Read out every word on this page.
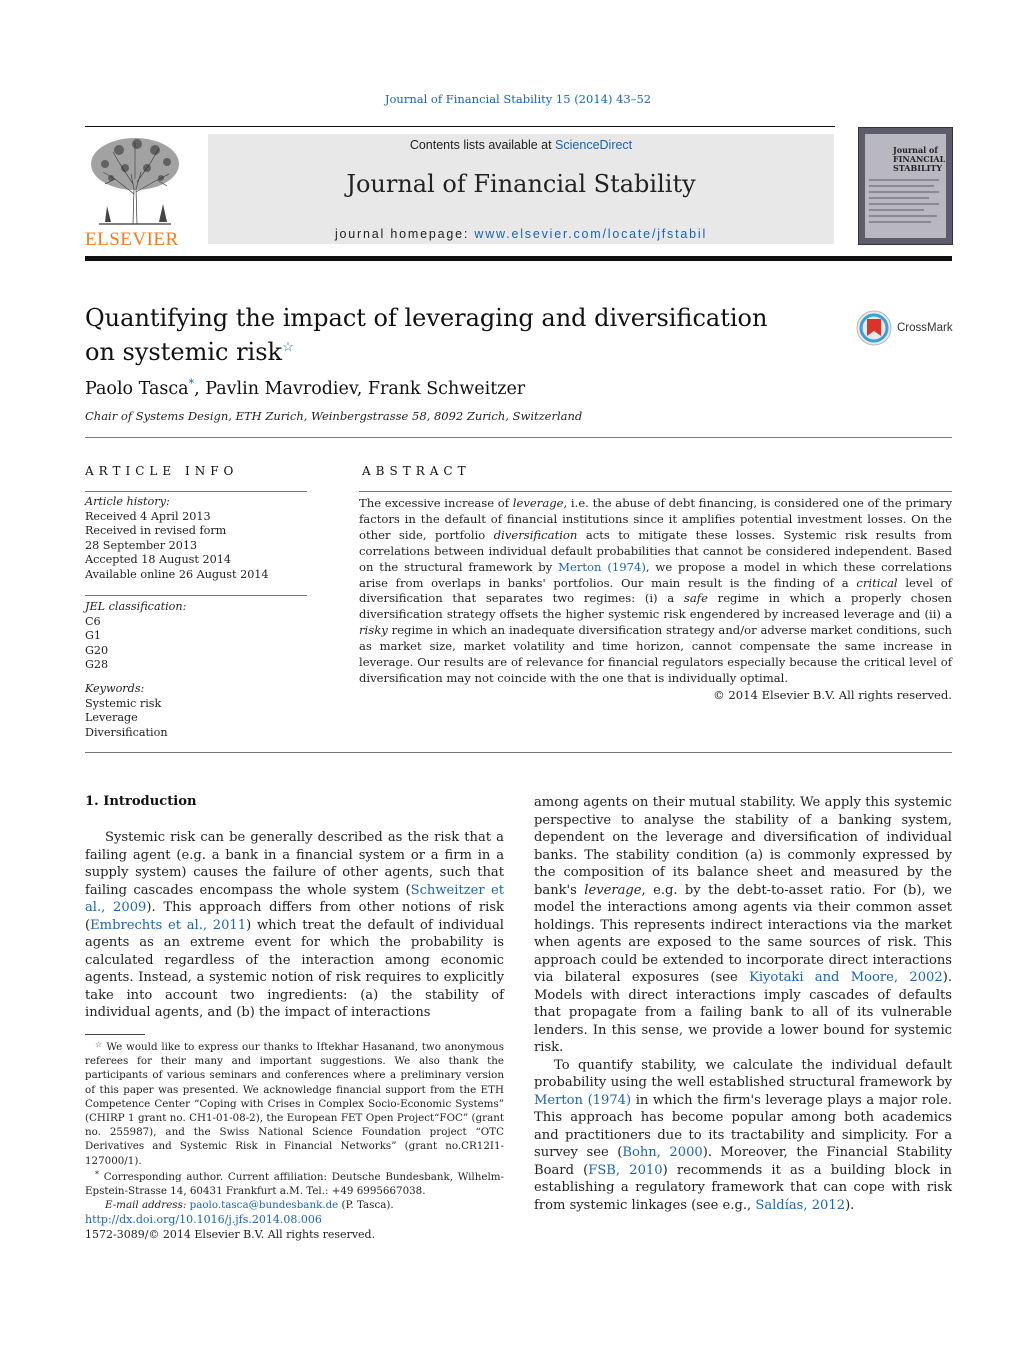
Journal of Financial Stability 15 (2014) 43–52
ELSEVIER
Contents lists available at ScienceDirect
Journal of Financial Stability
journal homepage: www.elsevier.com/locate/jfstabil
Journal of FINANCIAL STABILITY
Quantifying the impact of leveraging and diversification on systemic risk☆
CrossMark
Paolo Tasca*, Pavlin Mavrodiev, Frank Schweitzer
Chair of Systems Design, ETH Zurich, Weinbergstrasse 58, 8092 Zurich, Switzerland
ARTICLE INFO	ABSTRACT
Article history:
Received 4 April 2013
Received in revised form
28 September 2013
Accepted 18 August 2014
Available online 26 August 2014
JEL classification:
C6
G1
G20
G28
Keywords:
Systemic risk
Leverage
Diversification

The excessive increase of leverage, i.e. the abuse of debt financing, is considered one of the primary factors in the default of financial institutions since it amplifies potential investment losses. On the other side, portfolio diversification acts to mitigate these losses. Systemic risk results from correlations between individual default probabilities that cannot be considered independent. Based on the structural framework by Merton (1974), we propose a model in which these correlations arise from overlaps in banks' portfolios. Our main result is the finding of a critical level of diversification that separates two regimes: (i) a safe regime in which a properly chosen diversification strategy offsets the higher systemic risk engendered by increased leverage and (ii) a risky regime in which an inadequate diversification strategy and/or adverse market conditions, such as market size, market volatility and time horizon, cannot compensate the same increase in leverage. Our results are of relevance for financial regulators especially because the critical level of diversification may not coincide with the one that is individually optimal.

© 2014 Elsevier B.V. All rights reserved.

1. Introduction

Systemic risk can be generally described as the risk that a failing agent (e.g. a bank in a financial system or a firm in a supply system) causes the failure of other agents, such that failing cascades encompass the whole system (Schweitzer et al., 2009). This approach differs from other notions of risk (Embrechts et al., 2011) which treat the default of individual agents as an extreme event for which the probability is calculated regardless of the interaction among economic agents. Instead, a systemic notion of risk requires to explicitly take into account two ingredients: (a) the stability of individual agents, and (b) the impact of interactions

among agents on their mutual stability. We apply this systemic perspective to analyse the stability of a banking system, dependent on the leverage and diversification of individual banks. The stability condition (a) is commonly expressed by the composition of its balance sheet and measured by the bank's leverage, e.g. by the debt-to-asset ratio. For (b), we model the interactions among agents via their common asset holdings. This represents indirect interactions via the market when agents are exposed to the same sources of risk. This approach could be extended to incorporate direct interactions via bilateral exposures (see Kiyotaki and Moore, 2002). Models with direct interactions imply cascades of defaults that propagate from a failing bank to all of its vulnerable lenders. In this sense, we provide a lower bound for systemic risk.

To quantify stability, we calculate the individual default probability using the well established structural framework by Merton (1974) in which the firm's leverage plays a major role. This approach has become popular among both academics and practitioners due to its tractability and simplicity. For a survey see (Bohn, 2000). Moreover, the Financial Stability Board (FSB, 2010) recommends it as a building block in establishing a regulatory framework that can cope with risk from systemic linkages (see e.g., Saldías, 2012).

☆ We would like to express our thanks to Iftekhar Hasanand, two anonymous referees for their many and important suggestions. We also thank the participants of various seminars and conferences where a preliminary version of this paper was presented. We acknowledge financial support from the ETH Competence Center “Coping with Crises in Complex Socio-Economic Systems” (CHIRP 1 grant no. CH1-01-08-2), the European FET Open Project“FOC” (grant no. 255987), and the Swiss National Science Foundation project “OTC Derivatives and Systemic Risk in Financial Networks” (grant no.CR12I1-127000/1).

* Corresponding author. Current affiliation: Deutsche Bundesbank, Wilhelm-Epstein-Strasse 14, 60431 Frankfurt a.M. Tel.: +49 6995667038.

E-mail address: paolo.tasca@bundesbank.de (P. Tasca).

http://dx.doi.org/10.1016/j.jfs.2014.08.006
1572-3089/© 2014 Elsevier B.V. All rights reserved.
